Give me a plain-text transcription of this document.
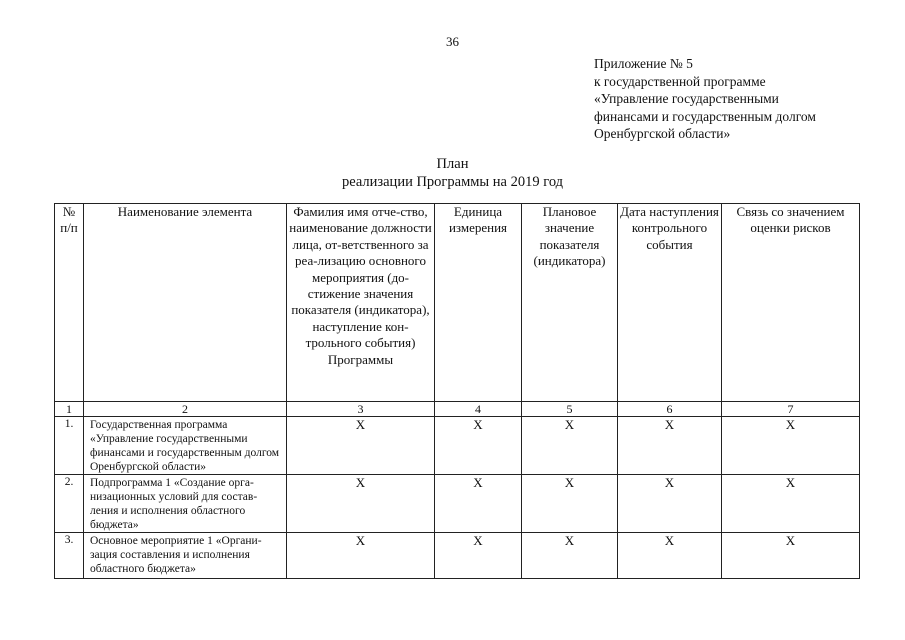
36
Приложение № 5
к государственной программе
«Управление государственными
финансами и государственным долгом
Оренбургской области»
План
реализации Программы на 2019 год
№ п/п	Наименование элемента	Фамилия имя отче-ство, наименование должности лица, от-ветственного за реа-лизацию основного мероприятия (до-стижение значения показателя (индикатора), наступление кон-трольного события) Программы	Единица измерения	Плановое значение показателя (индикатора)	Дата наступления контрольного события	Связь со значением оценки рисков
1	2	3	4	5	6	7
1.	Государственная программа «Управление государственными финансами и государственным долгом Оренбургской области»	Х	Х	Х	Х	Х
2.	Подпрограмма 1 «Создание орга-низационных условий для состав-ления и исполнения областного бюджета»	Х	Х	Х	Х	Х
3.	Основное мероприятие 1 «Органи-зация составления и исполнения областного бюджета»	Х	Х	Х	Х	Х
